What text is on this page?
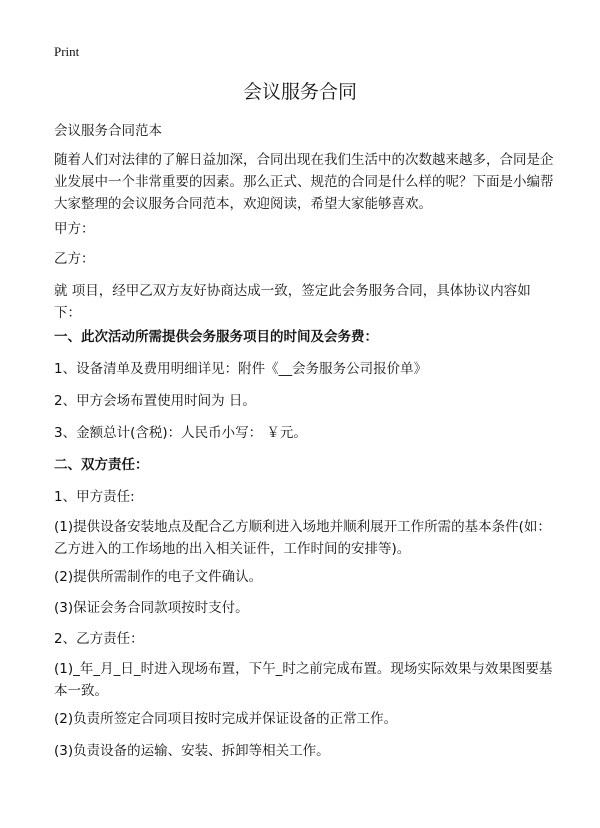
Print
会议服务合同
会议服务合同范本
随着人们对法律的了解日益加深，合同出现在我们生活中的次数越来越多，合同是企业发展中一个非常重要的因素。那么正式、规范的合同是什么样的呢？下面是小编帮大家整理的会议服务合同范本，欢迎阅读，希望大家能够喜欢。
甲方：
乙方：
就 项目，经甲乙双方友好协商达成一致，签定此会务服务合同，具体协议内容如下：
一、此次活动所需提供会务服务项目的时间及会务费：
1、设备清单及费用明细详见：附件《__会务服务公司报价单》
2、甲方会场布置使用时间为 日。
3、金额总计(含税)：人民币小写： ￥元。
二、双方责任：
1、甲方责任:
(1)提供设备安装地点及配合乙方顺利进入场地并顺利展开工作所需的基本条件(如：乙方进入的工作场地的出入相关证件，工作时间的安排等)。
(2)提供所需制作的电子文件确认。
(3)保证会务合同款项按时支付。
2、乙方责任：
(1)_年_月_日_时进入现场布置，下午_时之前完成布置。现场实际效果与效果图要基本一致。
(2)负责所签定合同项目按时完成并保证设备的正常工作。
(3)负责设备的运输、安装、拆卸等相关工作。
